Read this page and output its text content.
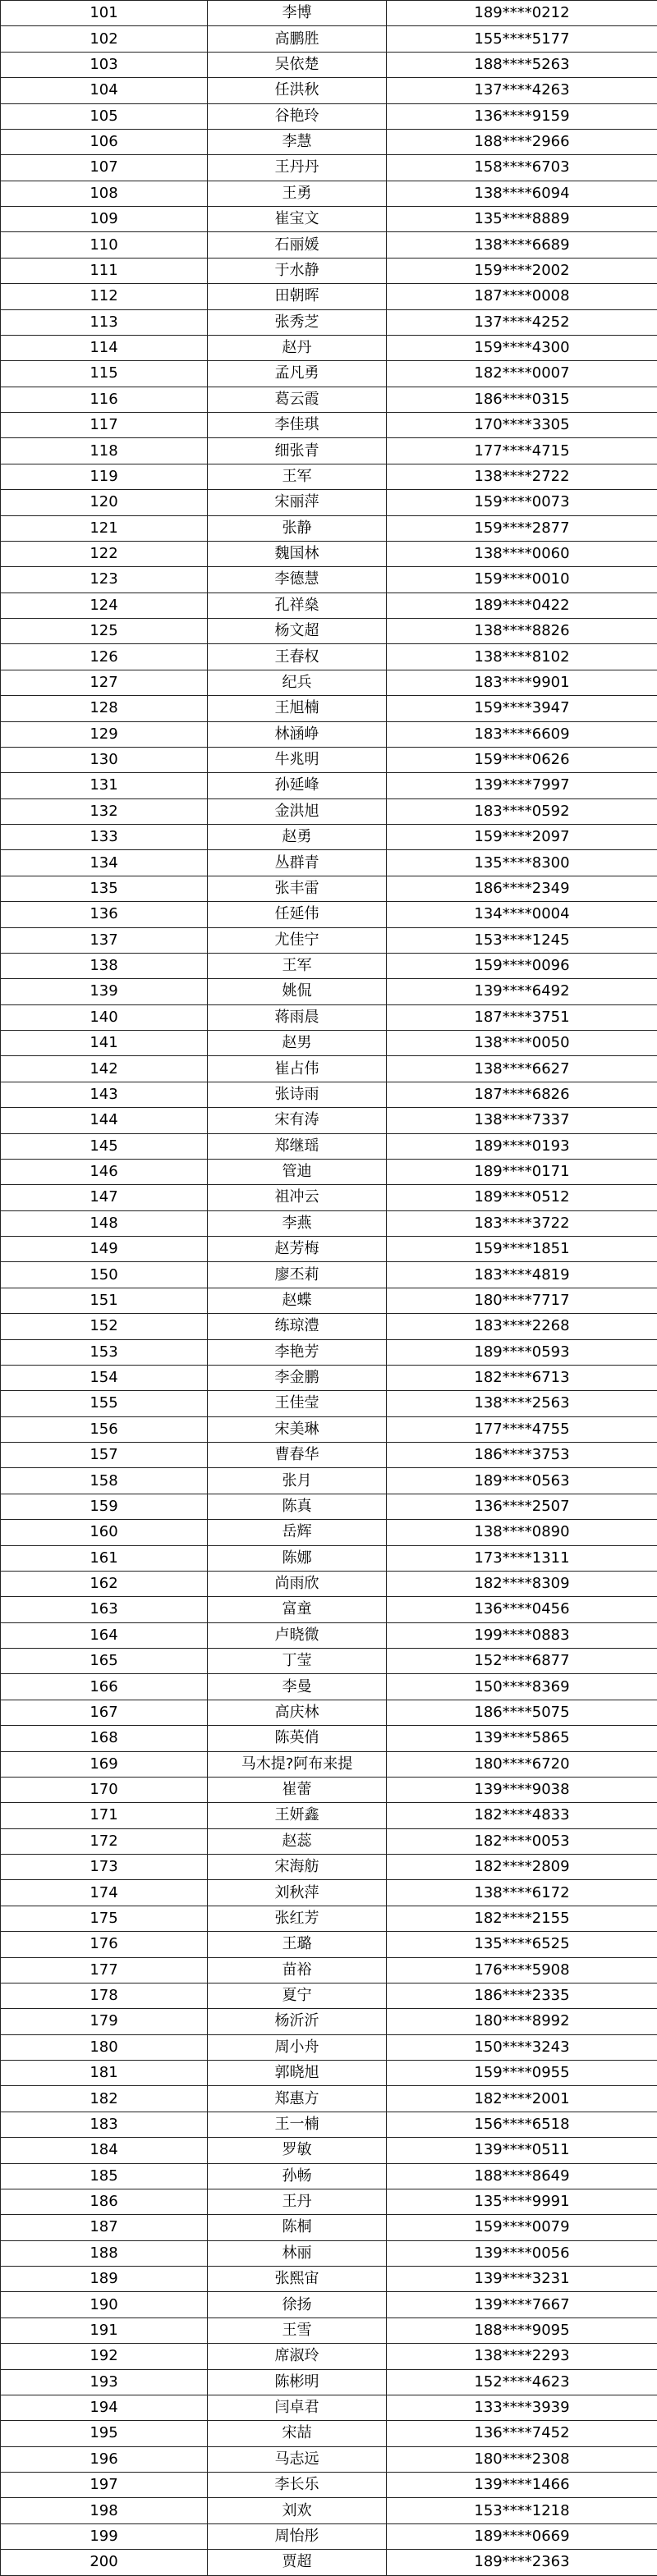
101	李博	189****0212
102	高鹏胜	155****5177
103	吴依楚	188****5263
104	任洪秋	137****4263
105	谷艳玲	136****9159
106	李慧	188****2966
107	王丹丹	158****6703
108	王勇	138****6094
109	崔宝文	135****8889
110	石丽媛	138****6689
111	于水静	159****2002
112	田朝晖	187****0008
113	张秀芝	137****4252
114	赵丹	159****4300
115	孟凡勇	182****0007
116	葛云霞	186****0315
117	李佳琪	170****3305
118	细张青	177****4715
119	王军	138****2722
120	宋丽萍	159****0073
121	张静	159****2877
122	魏国林	138****0060
123	李德慧	159****0010
124	孔祥燊	189****0422
125	杨文超	138****8826
126	王春权	138****8102
127	纪兵	183****9901
128	王旭楠	159****3947
129	林涵峥	183****6609
130	牛兆明	159****0626
131	孙延峰	139****7997
132	金洪旭	183****0592
133	赵勇	159****2097
134	丛群青	135****8300
135	张丰雷	186****2349
136	任延伟	134****0004
137	尤佳宁	153****1245
138	王军	159****0096
139	姚侃	139****6492
140	蒋雨晨	187****3751
141	赵男	138****0050
142	崔占伟	138****6627
143	张诗雨	187****6826
144	宋有涛	138****7337
145	郑继瑶	189****0193
146	管迪	189****0171
147	祖冲云	189****0512
148	李燕	183****3722
149	赵芳梅	159****1851
150	廖丕莉	183****4819
151	赵蝶	180****7717
152	练琼澧	183****2268
153	李艳芳	189****0593
154	李金鹏	182****6713
155	王佳莹	138****2563
156	宋美琳	177****4755
157	曹春华	186****3753
158	张月	189****0563
159	陈真	136****2507
160	岳辉	138****0890
161	陈娜	173****1311
162	尚雨欣	182****8309
163	富童	136****0456
164	卢晓微	199****0883
165	丁莹	152****6877
166	李曼	150****8369
167	高庆林	186****5075
168	陈英俏	139****5865
169	马木提?阿布来提	180****6720
170	崔蕾	139****9038
171	王妍鑫	182****4833
172	赵蕊	182****0053
173	宋海舫	182****2809
174	刘秋萍	138****6172
175	张红芳	182****2155
176	王璐	135****6525
177	苗裕	176****5908
178	夏宁	186****2335
179	杨沂沂	180****8992
180	周小舟	150****3243
181	郭晓旭	159****0955
182	郑惠方	182****2001
183	王一楠	156****6518
184	罗敏	139****0511
185	孙畅	188****8649
186	王丹	135****9991
187	陈桐	159****0079
188	林丽	139****0056
189	张熙宙	139****3231
190	徐扬	139****7667
191	王雪	188****9095
192	席淑玲	138****2293
193	陈彬明	152****4623
194	闫卓君	133****3939
195	宋喆	136****7452
196	马志远	180****2308
197	李长乐	139****1466
198	刘欢	153****1218
199	周怡彤	189****0669
200	贾超	189****2363
